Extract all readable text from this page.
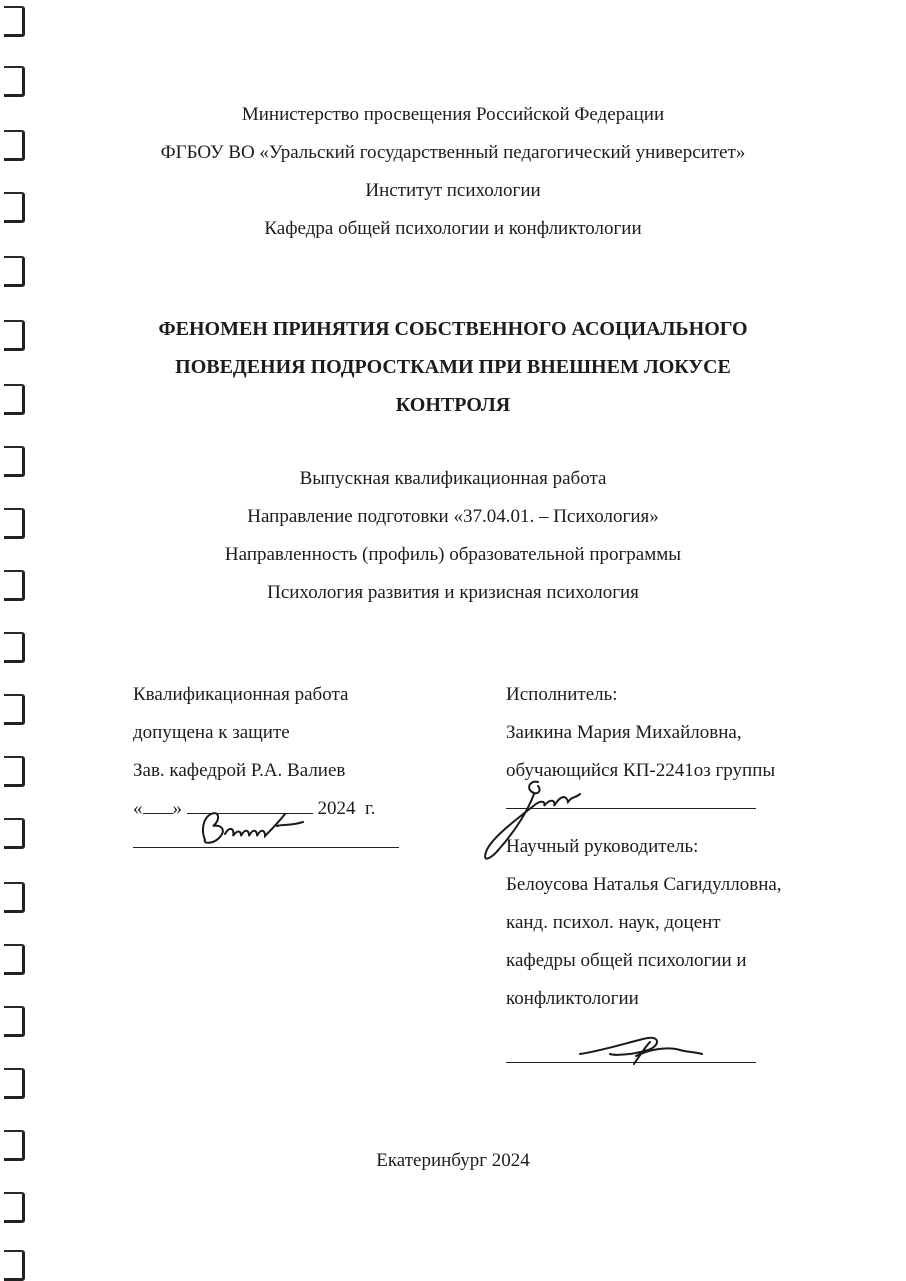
Министерство просвещения Российской Федерации
ФГБОУ ВО «Уральский государственный педагогический университет»
Институт психологии
Кафедра общей психологии и конфликтологии
ФЕНОМЕН ПРИНЯТИЯ СОБСТВЕННОГО АСОЦИАЛЬНОГО
ПОВЕДЕНИЯ ПОДРОСТКАМИ ПРИ ВНЕШНЕМ ЛОКУСЕ
КОНТРОЛЯ
Выпускная квалификационная работа
Направление подготовки «37.04.01. – Психология»
Направленность (профиль) образовательной программы
Психология развития и кризисная психология
Квалификационная работа
допущена к защите
Зав. кафедрой Р.А. Валиев
« »	2024 г.
Исполнитель:
Заикина Мария Михайловна,
обучающийся КП-2241оз группы
Научный руководитель:
Белоусова Наталья Сагидулловна,
канд. психол. наук, доцент
кафедры общей психологии и
конфликтологии
Екатеринбург 2024
